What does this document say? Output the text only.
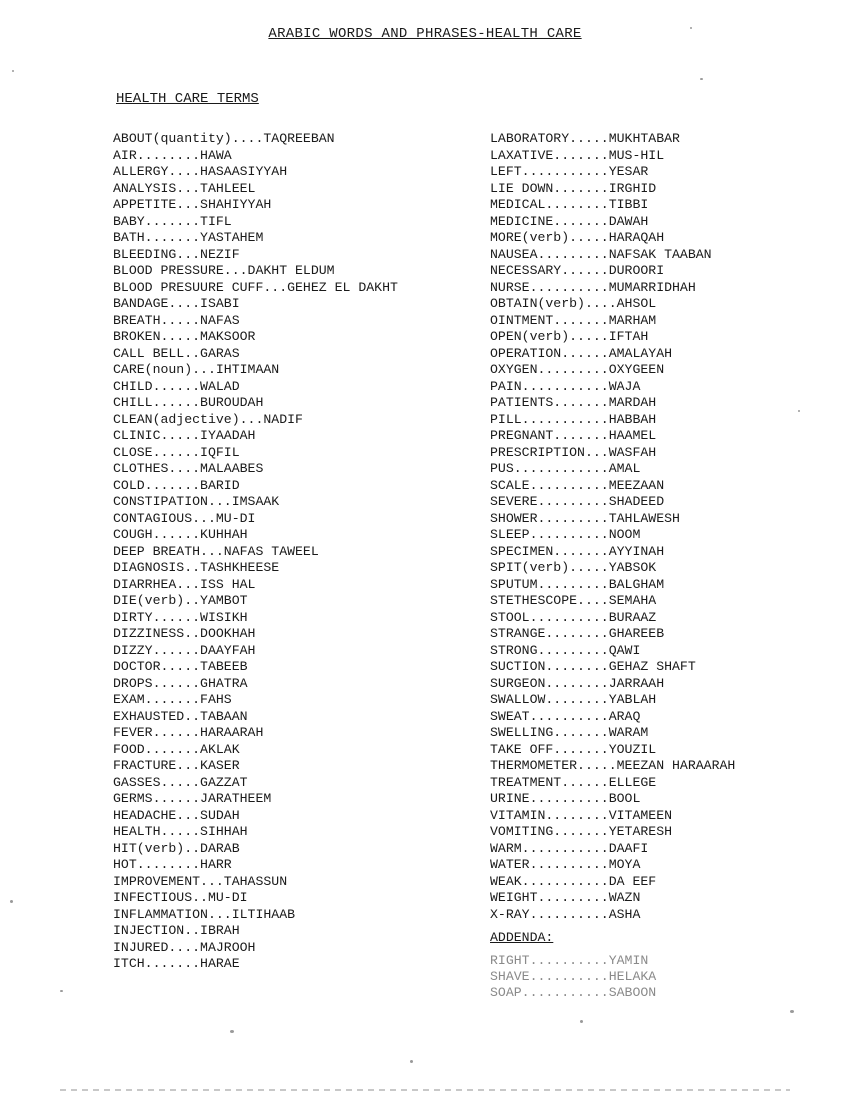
ARABIC WORDS AND PHRASES-HEALTH CARE
HEALTH CARE TERMS
ABOUT(quantity)....TAQREEBAN
AIR........HAWA
ALLERGY....HASAASIYYAH
ANALYSIS...TAHLEEL
APPETITE...SHAHIYYAH
BABY.......TIFL
BATH.......YASTAHEM
BLEEDING...NEZIF
BLOOD PRESSURE...DAKHT ELDUM
BLOOD PRESUURE CUFF...GEHEZ EL DAKHT
BANDAGE....ISABI
BREATH.....NAFAS
BROKEN.....MAKSOOR
CALL BELL..GARAS
CARE(noun)...IHTIMAAN
CHILD......WALAD
CHILL......BUROUDAH
CLEAN(adjective)...NADIF
CLINIC.....IYAADAH
CLOSE......IQFIL
CLOTHES....MALAABES
COLD.......BARID
CONSTIPATION...IMSAAK
CONTAGIOUS...MU-DI
COUGH......KUHHAH
DEEP BREATH...NAFAS TAWEEL
DIAGNOSIS..TASHKHEESE
DIARRHEA...ISS HAL
DIE(verb)..YAMBOT
DIRTY......WISIKH
DIZZINESS..DOOKHAH
DIZZY......DAAYFAH
DOCTOR.....TABEEB
DROPS......GHATRA
EXAM.......FAHS
EXHAUSTED..TABAAN
FEVER......HARAARAH
FOOD.......AKLAK
FRACTURE...KASER
GASSES.....GAZZAT
GERMS......JARATHEEM
HEADACHE...SUDAH
HEALTH.....SIHHAH
HIT(verb)..DARAB
HOT........HARR
IMPROVEMENT...TAHASSUN
INFECTIOUS..MU-DI
INFLAMMATION...ILTIHAAB
INJECTION..IBRAH
INJURED....MAJROOH
ITCH.......HARAE
LABORATORY.....MUKHTABAR
LAXATIVE.......MUS-HIL
LEFT...........YESAR
LIE DOWN.......IRGHID
MEDICAL........TIBBI
MEDICINE.......DAWAH
MORE(verb).....HARAQAH
NAUSEA.........NAFSAK TAABAN
NECESSARY......DUROORI
NURSE..........MUMARRIDHAH
OBTAIN(verb)....AHSOL
OINTMENT.......MARHAM
OPEN(verb).....IFTAH
OPERATION......AMALAYAH
OXYGEN.........OXYGEEN
PAIN...........WAJA
PATIENTS.......MARDAH
PILL...........HABBAH
PREGNANT.......HAAMEL
PRESCRIPTION...WASFAH
PUS............AMAL
SCALE..........MEEZAAN
SEVERE.........SHADEED
SHOWER.........TAHLAWESH
SLEEP..........NOOM
SPECIMEN.......AYYINAH
SPIT(verb).....YABSOK
SPUTUM.........BALGHAM
STETHESCOPE....SEMAHA
STOOL..........BURAAZ
STRANGE........GHAREEB
STRONG.........QAWI
SUCTION........GEHAZ SHAFT
SURGEON........JARRAAH
SWALLOW........YABLAH
SWEAT..........ARAQ
SWELLING.......WARAM
TAKE OFF.......YOUZIL
THERMOMETER.....MEEZAN HARAARAH
TREATMENT......ELLEGE
URINE..........BOOL
VITAMIN........VITAMEEN
VOMITING.......YETARESH
WARM...........DAAFI
WATER..........MOYA
WEAK...........DA EEF
WEIGHT.........WAZN
X-RAY..........ASHA
ADDENDA:
RIGHT..........YAMIN
SHAVE..........HELAKA
SOAP...........SABOON
